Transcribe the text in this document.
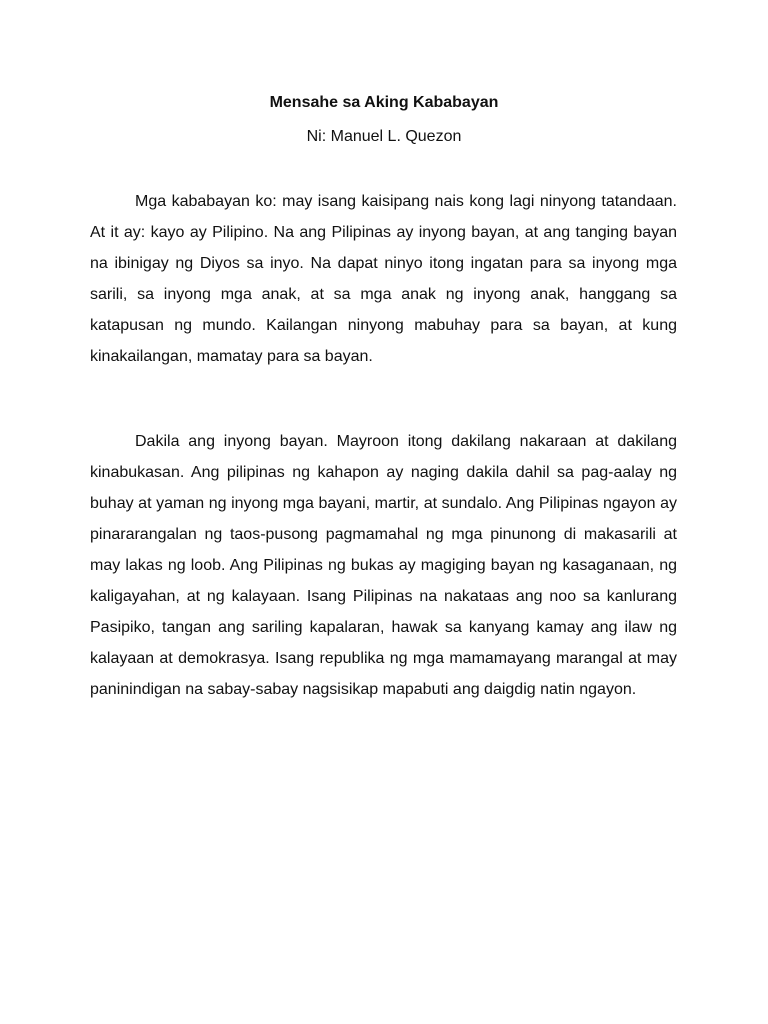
Mensahe sa Aking Kababayan

Ni: Manuel L. Quezon

Mga kababayan ko: may isang kaisipang nais kong lagi ninyong tatandaan. At it ay: kayo ay Pilipino. Na ang Pilipinas ay inyong bayan, at ang tanging bayan na ibinigay ng Diyos sa inyo. Na dapat ninyo itong ingatan para sa inyong mga sarili, sa inyong mga anak, at sa mga anak ng inyong anak, hanggang sa katapusan ng mundo. Kailangan ninyong mabuhay para sa bayan, at kung kinakailangan, mamatay para sa bayan.

Dakila ang inyong bayan. Mayroon itong dakilang nakaraan at dakilang kinabukasan. Ang pilipinas ng kahapon ay naging dakila dahil sa pag-aalay ng buhay at yaman ng inyong mga bayani, martir, at sundalo. Ang Pilipinas ngayon ay pinararangalan ng taos-pusong pagmamahal ng mga pinunong di makasarili at may lakas ng loob. Ang Pilipinas ng bukas ay magiging bayan ng kasaganaan, ng kaligayahan, at ng kalayaan. Isang Pilipinas na nakataas ang noo sa kanlurang Pasipiko, tangan ang sariling kapalaran, hawak sa kanyang kamay ang ilaw ng kalayaan at demokrasya. Isang republika ng mga mamamayang marangal at may paninindigan na sabay-sabay nagsisikap mapabuti ang daigdig natin ngayon.
